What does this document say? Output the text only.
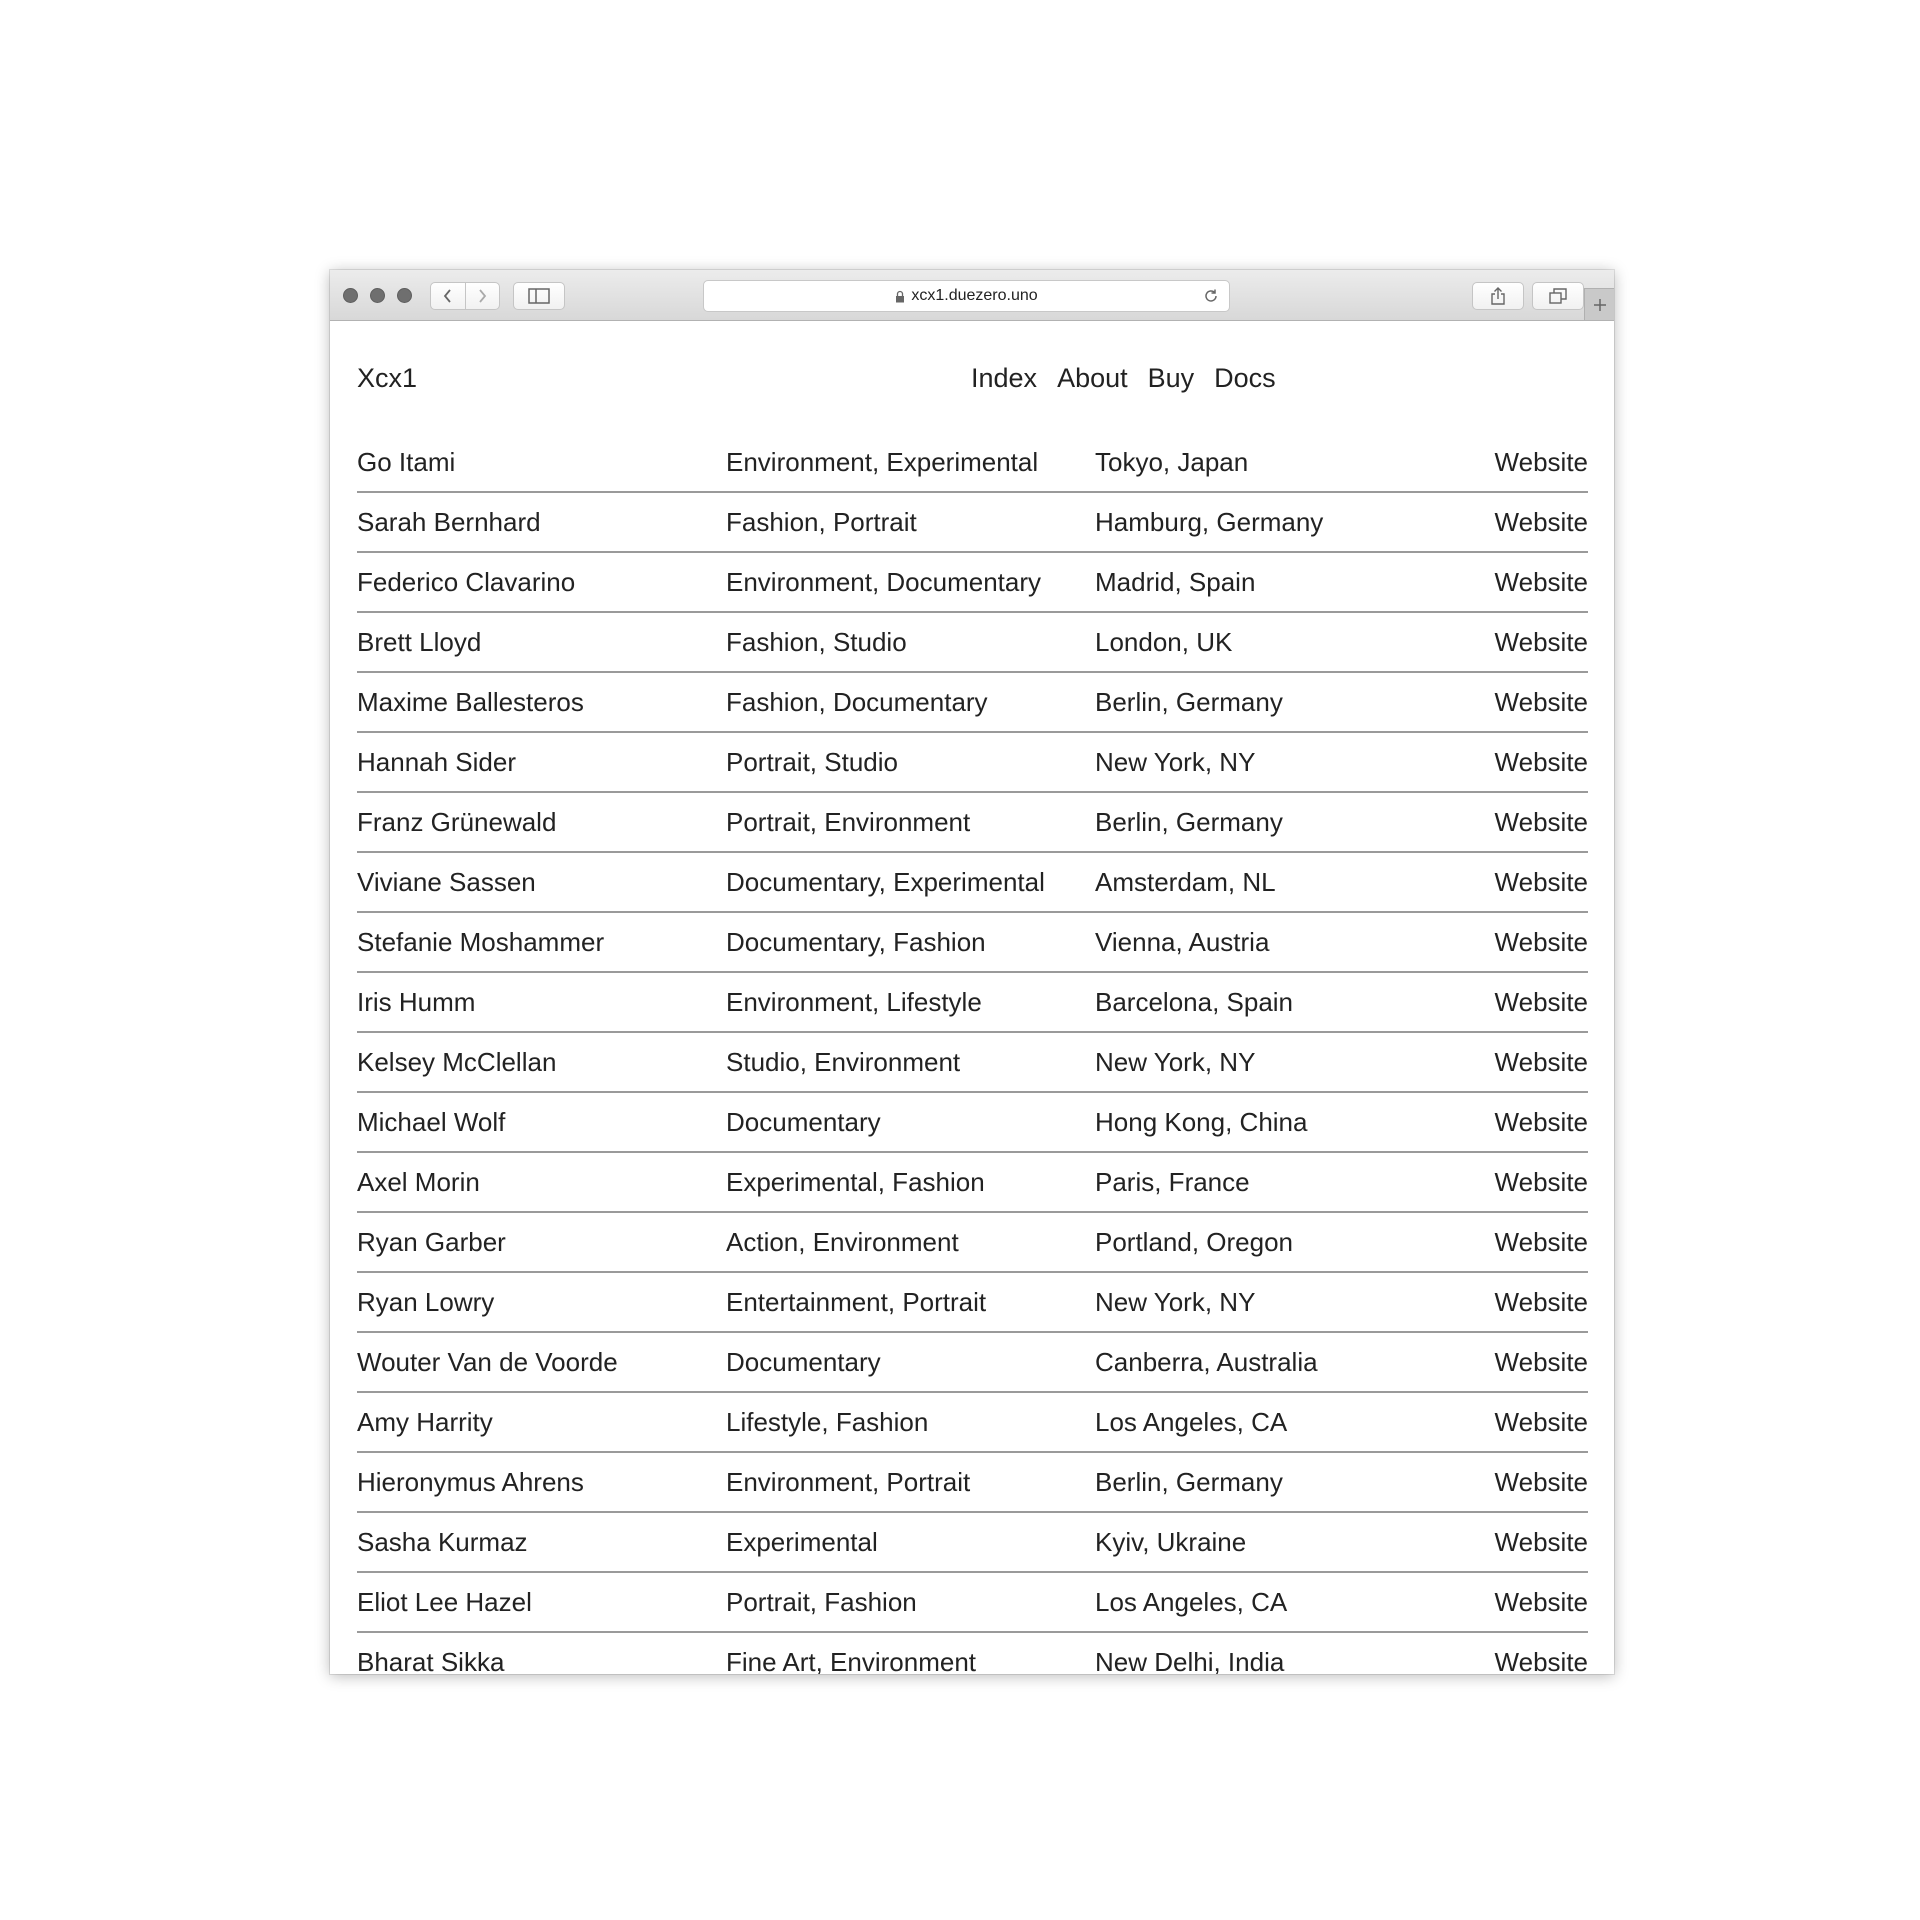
xcx1.duezero.uno
Xcx1	Index About Buy Docs
Go Itami	Environment, Experimental	Tokyo, Japan	Website
Sarah Bernhard	Fashion, Portrait	Hamburg, Germany	Website
Federico Clavarino	Environment, Documentary	Madrid, Spain	Website
Brett Lloyd	Fashion, Studio	London, UK	Website
Maxime Ballesteros	Fashion, Documentary	Berlin, Germany	Website
Hannah Sider	Portrait, Studio	New York, NY	Website
Franz Grünewald	Portrait, Environment	Berlin, Germany	Website
Viviane Sassen	Documentary, Experimental	Amsterdam, NL	Website
Stefanie Moshammer	Documentary, Fashion	Vienna, Austria	Website
Iris Humm	Environment, Lifestyle	Barcelona, Spain	Website
Kelsey McClellan	Studio, Environment	New York, NY	Website
Michael Wolf	Documentary	Hong Kong, China	Website
Axel Morin	Experimental, Fashion	Paris, France	Website
Ryan Garber	Action, Environment	Portland, Oregon	Website
Ryan Lowry	Entertainment, Portrait	New York, NY	Website
Wouter Van de Voorde	Documentary	Canberra, Australia	Website
Amy Harrity	Lifestyle, Fashion	Los Angeles, CA	Website
Hieronymus Ahrens	Environment, Portrait	Berlin, Germany	Website
Sasha Kurmaz	Experimental	Kyiv, Ukraine	Website
Eliot Lee Hazel	Portrait, Fashion	Los Angeles, CA	Website
Bharat Sikka	Fine Art, Environment	New Delhi, India	Website
